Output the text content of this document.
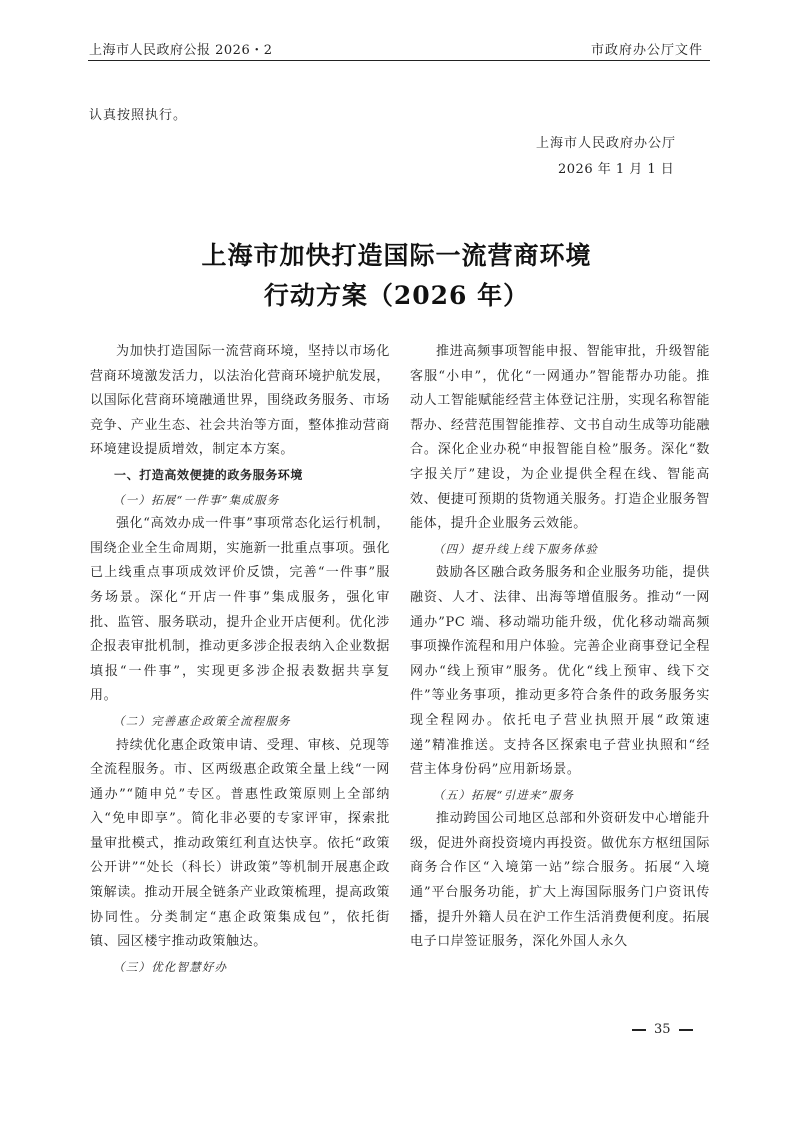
上海市人民政府公报 2026・2	市政府办公厅文件
认真按照执行。
上海市人民政府办公厅
2026 年 1 月 1 日
上海市加快打造国际一流营商环境
行动方案（2026 年）

为加快打造国际一流营商环境，坚持以市场化营商环境激发活力，以法治化营商环境护航发展，以国际化营商环境融通世界，围绕政务服务、市场竞争、产业生态、社会共治等方面，整体推动营商环境建设提质增效，制定本方案。

一、打造高效便捷的政务服务环境

（一）拓展“一件事”集成服务

强化“高效办成一件事”事项常态化运行机制，围绕企业全生命周期，实施新一批重点事项。强化已上线重点事项成效评价反馈，完善“一件事”服务场景。深化“开店一件事”集成服务，强化审批、监管、服务联动，提升企业开店便利。优化涉企报表审批机制，推动更多涉企报表纳入企业数据填报“一件事”，实现更多涉企报表数据共享复用。

（二）完善惠企政策全流程服务

持续优化惠企政策申请、受理、审核、兑现等全流程服务。市、区两级惠企政策全量上线“一网通办”“随申兑”专区。普惠性政策原则上全部纳入“免申即享”。简化非必要的专家评审，探索批量审批模式，推动政策红利直达快享。依托“政策公开讲”“处长（科长）讲政策”等机制开展惠企政策解读。推动开展全链条产业政策梳理，提高政策协同性。分类制定“惠企政策集成包”，依托街镇、园区楼宇推动政策触达。

（三）优化智慧好办

推进高频事项智能申报、智能审批，升级智能客服“小申”，优化“一网通办”智能帮办功能。推动人工智能赋能经营主体登记注册，实现名称智能帮办、经营范围智能推荐、文书自动生成等功能融合。深化企业办税“申报智能自检”服务。深化“数字报关厅”建设，为企业提供全程在线、智能高效、便捷可预期的货物通关服务。打造企业服务智能体，提升企业服务云效能。

（四）提升线上线下服务体验

鼓励各区融合政务服务和企业服务功能，提供融资、人才、法律、出海等增值服务。推动“一网通办”PC 端、移动端功能升级，优化移动端高频事项操作流程和用户体验。完善企业商事登记全程网办“线上预审”服务。优化“线上预审、线下交件”等业务事项，推动更多符合条件的政务服务实现全程网办。依托电子营业执照开展“政策速递”精准推送。支持各区探索电子营业执照和“经营主体身份码”应用新场景。

（五）拓展“引进来”服务

推动跨国公司地区总部和外资研发中心增能升级，促进外商投资境内再投资。做优东方枢纽国际商务合作区“入境第一站”综合服务。拓展“入境通”平台服务功能，扩大上海国际服务门户资讯传播，提升外籍人员在沪工作生活消费便利度。拓展电子口岸签证服务，深化外国人永久

35
